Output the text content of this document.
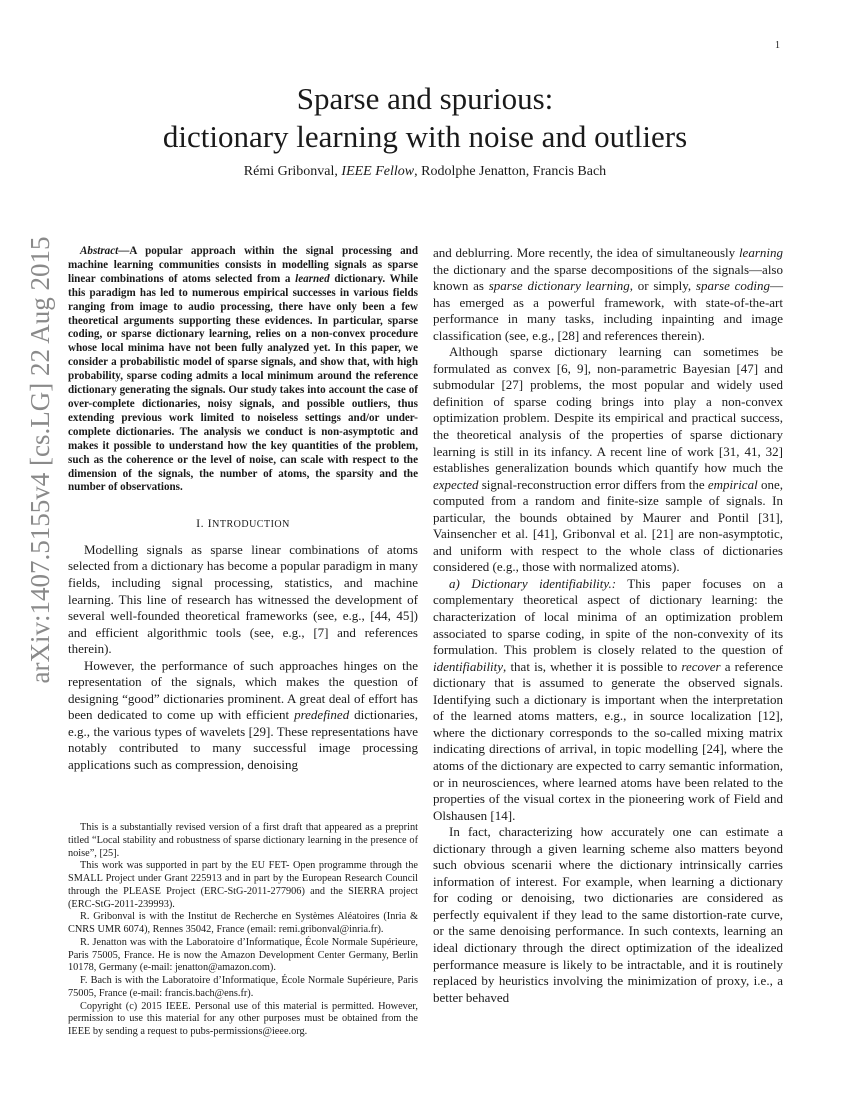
1
arXiv:1407.5155v4 [cs.LG] 22 Aug 2015
Sparse and spurious:
dictionary learning with noise and outliers
Rémi Gribonval, IEEE Fellow, Rodolphe Jenatton, Francis Bach

Abstract—A popular approach within the signal processing and machine learning communities consists in modelling signals as sparse linear combinations of atoms selected from a learned dictionary. While this paradigm has led to numerous empirical successes in various fields ranging from image to audio processing, there have only been a few theoretical arguments supporting these evidences. In particular, sparse coding, or sparse dictionary learning, relies on a non-convex procedure whose local minima have not been fully analyzed yet. In this paper, we consider a probabilistic model of sparse signals, and show that, with high probability, sparse coding admits a local minimum around the reference dictionary generating the signals. Our study takes into account the case of over-complete dictionaries, noisy signals, and possible outliers, thus extending previous work limited to noiseless settings and/or under-complete dictionaries. The analysis we conduct is non-asymptotic and makes it possible to understand how the key quantities of the problem, such as the coherence or the level of noise, can scale with respect to the dimension of the signals, the number of atoms, the sparsity and the number of observations.

I. INTRODUCTION

Modelling signals as sparse linear combinations of atoms selected from a dictionary has become a popular paradigm in many fields, including signal processing, statistics, and machine learning. This line of research has witnessed the development of several well-founded theoretical frameworks (see, e.g., [44, 45]) and efficient algorithmic tools (see, e.g., [7] and references therein).

However, the performance of such approaches hinges on the representation of the signals, which makes the question of designing “good” dictionaries prominent. A great deal of effort has been dedicated to come up with efficient predefined dictionaries, e.g., the various types of wavelets [29]. These representations have notably contributed to many successful image processing applications such as compression, denoising

This is a substantially revised version of a first draft that appeared as a preprint titled “Local stability and robustness of sparse dictionary learning in the presence of noise”, [25].

This work was supported in part by the EU FET- Open programme through the SMALL Project under Grant 225913 and in part by the European Research Council through the PLEASE Project (ERC-StG-2011-277906) and the SIERRA project (ERC-StG-2011-239993).

R. Gribonval is with the Institut de Recherche en Systèmes Aléatoires (Inria & CNRS UMR 6074), Rennes 35042, France (email: remi.gribonval@inria.fr).

R. Jenatton was with the Laboratoire d’Informatique, École Normale Supérieure, Paris 75005, France. He is now the Amazon Development Center Germany, Berlin 10178, Germany (e-mail: jenatton@amazon.com).

F. Bach is with the Laboratoire d’Informatique, École Normale Supérieure, Paris 75005, France (e-mail: francis.bach@ens.fr).

Copyright (c) 2015 IEEE. Personal use of this material is permitted. However, permission to use this material for any other purposes must be obtained from the IEEE by sending a request to pubs-permissions@ieee.org.

and deblurring. More recently, the idea of simultaneously learning the dictionary and the sparse decompositions of the signals—also known as sparse dictionary learning, or simply, sparse coding—has emerged as a powerful framework, with state-of-the-art performance in many tasks, including inpainting and image classification (see, e.g., [28] and references therein).

Although sparse dictionary learning can sometimes be formulated as convex [6, 9], non-parametric Bayesian [47] and submodular [27] problems, the most popular and widely used definition of sparse coding brings into play a non-convex optimization problem. Despite its empirical and practical success, the theoretical analysis of the properties of sparse dictionary learning is still in its infancy. A recent line of work [31, 41, 32] establishes generalization bounds which quantify how much the expected signal-reconstruction error differs from the empirical one, computed from a random and finite-size sample of signals. In particular, the bounds obtained by Maurer and Pontil [31], Vainsencher et al. [41], Gribonval et al. [21] are non-asymptotic, and uniform with respect to the whole class of dictionaries considered (e.g., those with normalized atoms).

a) Dictionary identifiability.: This paper focuses on a complementary theoretical aspect of dictionary learning: the characterization of local minima of an optimization problem associated to sparse coding, in spite of the non-convexity of its formulation. This problem is closely related to the question of identifiability, that is, whether it is possible to recover a reference dictionary that is assumed to generate the observed signals. Identifying such a dictionary is important when the interpretation of the learned atoms matters, e.g., in source localization [12], where the dictionary corresponds to the so-called mixing matrix indicating directions of arrival, in topic modelling [24], where the atoms of the dictionary are expected to carry semantic information, or in neurosciences, where learned atoms have been related to the properties of the visual cortex in the pioneering work of Field and Olshausen [14].

In fact, characterizing how accurately one can estimate a dictionary through a given learning scheme also matters beyond such obvious scenarii where the dictionary intrinsically carries information of interest. For example, when learning a dictionary for coding or denoising, two dictionaries are considered as perfectly equivalent if they lead to the same distortion-rate curve, or the same denoising performance. In such contexts, learning an ideal dictionary through the direct optimization of the idealized performance measure is likely to be intractable, and it is routinely replaced by heuristics involving the minimization of proxy, i.e., a better behaved
